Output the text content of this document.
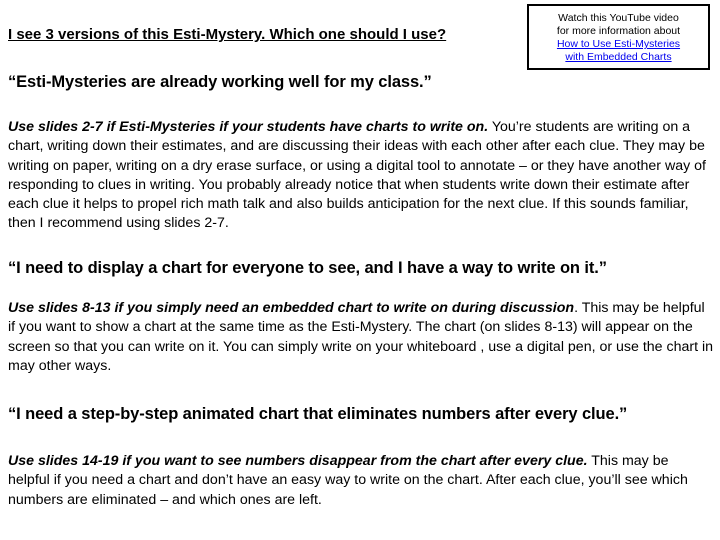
Watch this YouTube video
for more information about
How to Use Esti-Mysteries
with Embedded Charts
I see 3 versions of this Esti-Mystery. Which one should I use?
“Esti-Mysteries are already working well for my class.”

Use slides 2-7 if Esti-Mysteries if your students have charts to write on. You’re students are writing on a chart, writing down their estimates, and are discussing their ideas with each other after each clue. They may be writing on paper, writing on a dry erase surface, or using a digital tool to annotate – or they have another way of responding to clues in writing. You probably already notice that when students write down their estimate after each clue it helps to propel rich math talk and also builds anticipation for the next clue. If this sounds familiar, then I recommend using slides 2-7.

“I need to display a chart for everyone to see, and I have a way to write on it.”

Use slides 8-13 if you simply need an embedded chart to write on during discussion. This may be helpful if you want to show a chart at the same time as the Esti-Mystery. The chart (on slides 8-13) will appear on the screen so that you can write on it. You can simply write on your whiteboard , use a digital pen, or use the chart in may other ways.

“I need a step-by-step animated chart that eliminates numbers after every clue.”

Use slides 14-19 if you want to see numbers disappear from the chart after every clue. This may be helpful if you need a chart and don’t have an easy way to write on the chart. After each clue, you’ll see which numbers are eliminated – and which ones are left.
